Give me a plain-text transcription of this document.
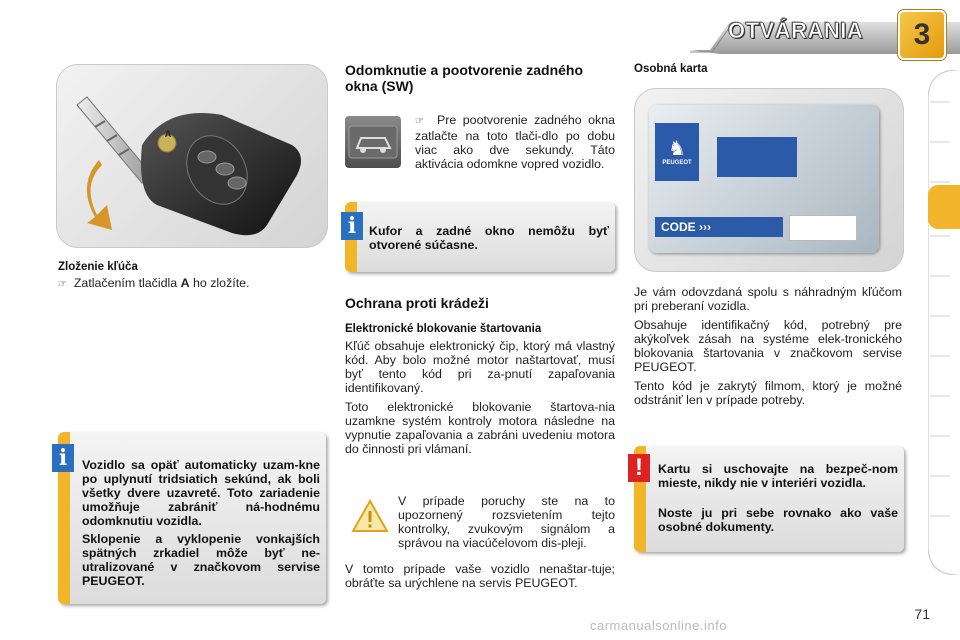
OTVÁRANIA	3
A
Zloženie kľúča
☞ Zatlačením tlačidla A ho zložíte.
Vozidlo sa opäť automaticky uzam-kne po uplynutí tridsiatich sekúnd, ak boli všetky dvere uzavreté. Toto zariadenie umožňuje zabrániť ná-hodnému odomknutiu vozidla.
Sklopenie a vyklopenie vonkajších spätných zrkadiel môže byť ne-utralizované v značkovom servise PEUGEOT.
i
Odomknutie a pootvorenie zadného okna (SW)
☞ Pre pootvorenie zadného okna zatlačte na toto tlači-dlo po dobu viac ako dve sekundy. Táto aktivácia odomkne vopred vozidlo.
Kufor a zadné okno nemôžu byť otvorené súčasne.
i
Ochrana proti krádeži
Elektronické blokovanie štartovania

Kľúč obsahuje elektronický čip, ktorý má vlastný kód. Aby bolo možné motor naštartovať, musí byť tento kód pri za-pnutí zapaľovania identifikovaný.

Toto elektronické blokovanie štartova-nia uzamkne systém kontroly motora následne na vypnutie zapaľovania a zabráni uvedeniu motora do činnosti pri vlámaní.

V prípade poruchy ste na to upozornený rozsvietením tejto kontrolky, zvukovým signálom a správou na viacúčelovom dis-pleji.
V tomto prípade vaše vozidlo nenaštar-tuje; obráťte sa urýchlene na servis PEUGEOT.
Osobná karta
♞
PEUGEOT
CODE ›››

Je vám odovzdaná spolu s náhradným kľúčom pri preberaní vozidla.

Obsahuje identifikačný kód, potrebný pre akýkoľvek zásah na systéme elek-tronického blokovania štartovania v značkovom servise PEUGEOT.

Tento kód je zakrytý filmom, ktorý je možné odstrániť len v prípade potreby.

Kartu si uschovajte na bezpeč-nom mieste, nikdy nie v interiéri vozidla.
Noste ju pri sebe rovnako ako vaše osobné dokumenty.
!
71
carmanualsonline.info
